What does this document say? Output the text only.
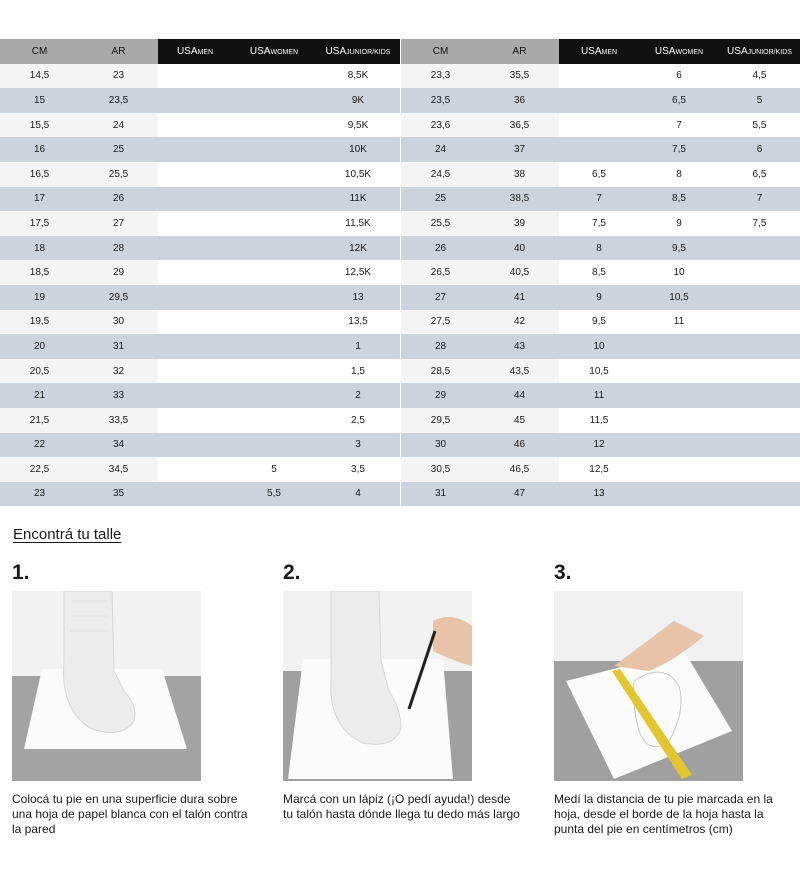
CM	AR	USAMEN	USAWOMEN	USAJUNIOR/KIDS
14,5	23			8,5K
15	23,5			9K
15,5	24			9,5K
16	25			10K
16,5	25,5			10,5K
17	26			11K
17,5	27			11,5K
18	28			12K
18,5	29			12,5K
19	29,5			13
19,5	30			13,5
20	31			1
20,5	32			1,5
21	33			2
21,5	33,5			2,5
22	34			3
22,5	34,5		5	3,5
23	35		5,5	4
CM	AR	USAMEN	USAWOMEN	USAJUNIOR/KIDS
23,3	35,5		6	4,5
23,5	36		6,5	5
23,6	36,5		7	5,5
24	37		7,5	6
24,5	38	6,5	8	6,5
25	38,5	7	8,5	7
25,5	39	7,5	9	7,5
26	40	8	9,5	
26,5	40,5	8,5	10	
27	41	9	10,5	
27,5	42	9,5	11	
28	43	10		
28,5	43,5	10,5		
29	44	11		
29,5	45	11,5		
30	46	12		
30,5	46,5	12,5		
31	47	13		
Encontrá tu talle
1.
Colocá tu pie en una superficie dura sobre una hoja de papel blanca con el talón contra la pared
2.
Marcá con un lápiz (¡O pedí ayuda!) desde tu talón hasta dónde llega tu dedo más largo
3.
Medí la distancia de tu pie marcada en la hoja, desde el borde de la hoja hasta la punta del pie en centímetros (cm)
